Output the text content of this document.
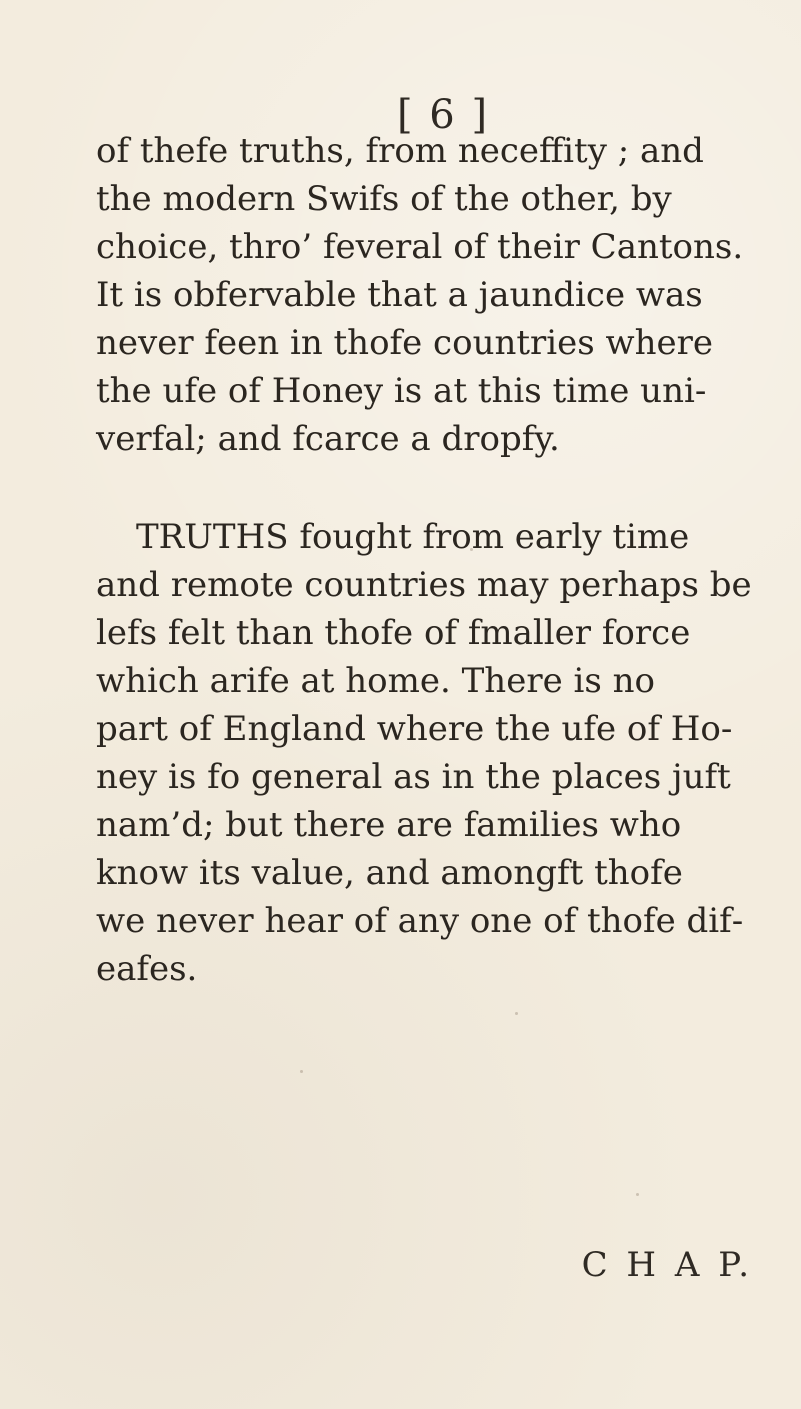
[ 6 ]
of thefe truths, from neceffity ; and
the modern Swifs of the other, by
choice, thro’ feveral of their Cantons.
It is obfervable that a jaundice was
never feen in thofe countries where
the ufe of Honey is at this time uni‑
verfal; and fcarce a dropfy.
TRUTHS fought from early time
and remote countries may perhaps be
lefs felt than thofe of fmaller force
which arife at home. There is no
part of England where the ufe of Ho‑
ney is fo general as in the places juft
nam’d; but there are families who
know its value, and amongft thofe
we never hear of any one of thofe dif‑
eafes.
C H A P.
